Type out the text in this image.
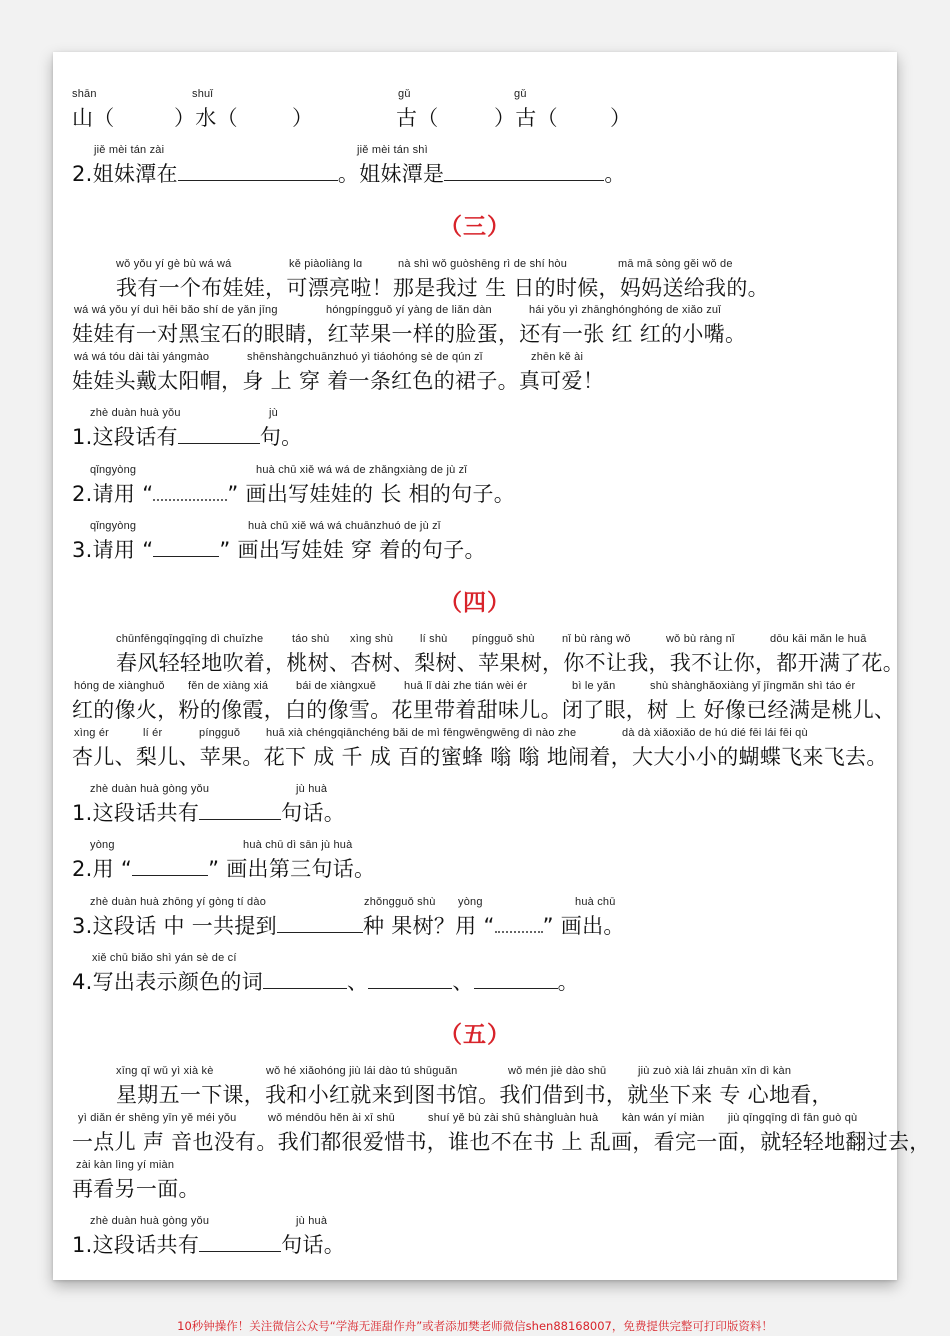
shān	shuǐ	gǔ	gǔ
山（	）水（	）	古（	）古（ ）
jiě mèi tán zài	jiě mèi tán shì
2.姐妹潭在	。姐妹潭是	。
（三）
wǒ yǒu yí gè bù wá wá	kě piàoliàng lɑ	nà shì wǒ guòshēng rì de shí hòu	mā mā sòng gěi wǒ de
我有一个布娃娃，可漂亮啦！那是我过 生 日的时候，妈妈送给我的。
wá wá yǒu yí duì hēi bǎo shí de yǎn jīng	hóngpíngguǒ yí yàng de liǎn dàn	hái yǒu yì zhānghónghóng de xiǎo zuǐ
娃娃有一对黑宝石的眼睛，红苹果一样的脸蛋，还有一张 红 红的小嘴。
wá wá tóu dài tài yángmào	shēnshàngchuānzhuó yì tiáohóng sè de qún zǐ	zhēn kě ài
娃娃头戴太阳帽，身 上 穿 着一条红色的裙子。真可爱！
zhè duàn huà yǒu	jù
1.这段话有	句。
qǐngyòng	huà chū xiě wá wá de zhǎngxiàng de jù zǐ
2.请用 “	” 画出写娃娃的 长 相的句子。
qǐngyòng	huà chū xiě wá wá chuānzhuó de jù zǐ
3.请用 “	” 画出写娃娃 穿 着的句子。
（四）
chūnfēngqīngqīng dì chuīzhe	táo shù xìng shù lí shù píngguǒ shù nǐ bù ràng wǒ	wǒ bù ràng nǐ	dōu kāi mǎn le huā
春风轻轻地吹着，桃树、杏树、梨树、苹果树，你不让我，我不让你，都开满了花。
hóng de xiànghuǒ fěn de xiàng xiá	bái de xiàngxuě	huā lǐ dài zhe tián wèi ér	bì le yǎn	shù shànghǎoxiàng yǐ jīngmǎn shì táo ér
红的像火，粉的像霞，白的像雪。花里带着甜味儿。闭了眼，树 上 好像已经满是桃儿、
xìng ér	lí ér	píngguǒ huā xià chéngqiānchéng bǎi de mì fēngwēngwēng dì nào zhe	dà dà xiǎoxiǎo de hú dié fēi lái fēi qù
杏儿、梨儿、苹果。花下 成 千 成 百的蜜蜂 嗡 嗡 地闹着，大大小小的蝴蝶飞来飞去。
zhè duàn huà gòng yǒu	jù huà
1.这段话共有	句话。
yòng	huà chū dì sān jù huà
2.用 “	” 画出第三句话。
zhè duàn huà zhōng yí gòng tí dào	zhǒngguǒ shù yòng	huà chū
3.这段话 中 一共提到	种 果树？用 “ ” 画出。
xiě chū biǎo shì yán sè de cí
4.写出表示颜色的词	、	、	。
（五）
xīng qī wǔ yì xià kè	wǒ hé xiǎohóng jiù lái dào tú shūguǎn	wǒ mén jiè dào shū	jiù zuò xià lái zhuān xīn dì kàn
星期五一下课，我和小红就来到图书馆。我们借到书，就坐下来 专 心地看，
yì diǎn ér shēng yīn yě méi yǒu	wǒ méndōu hěn ài xī shū	shuí yě bù zài shū shàngluàn huà kàn wán yí miàn jiù qīngqīng dì fān guò qù
一点儿 声 音也没有。我们都很爱惜书，谁也不在书 上 乱画，看完一面，就轻轻地翻过去，
zài kàn lìng yí miàn
再看另一面。
zhè duàn huà gòng yǒu	jù huà
1.这段话共有	句话。
10秒钟操作！关注微信公众号“学海无涯甜作舟”或者添加樊老师微信shen88168007，免费提供完整可打印版资料！
